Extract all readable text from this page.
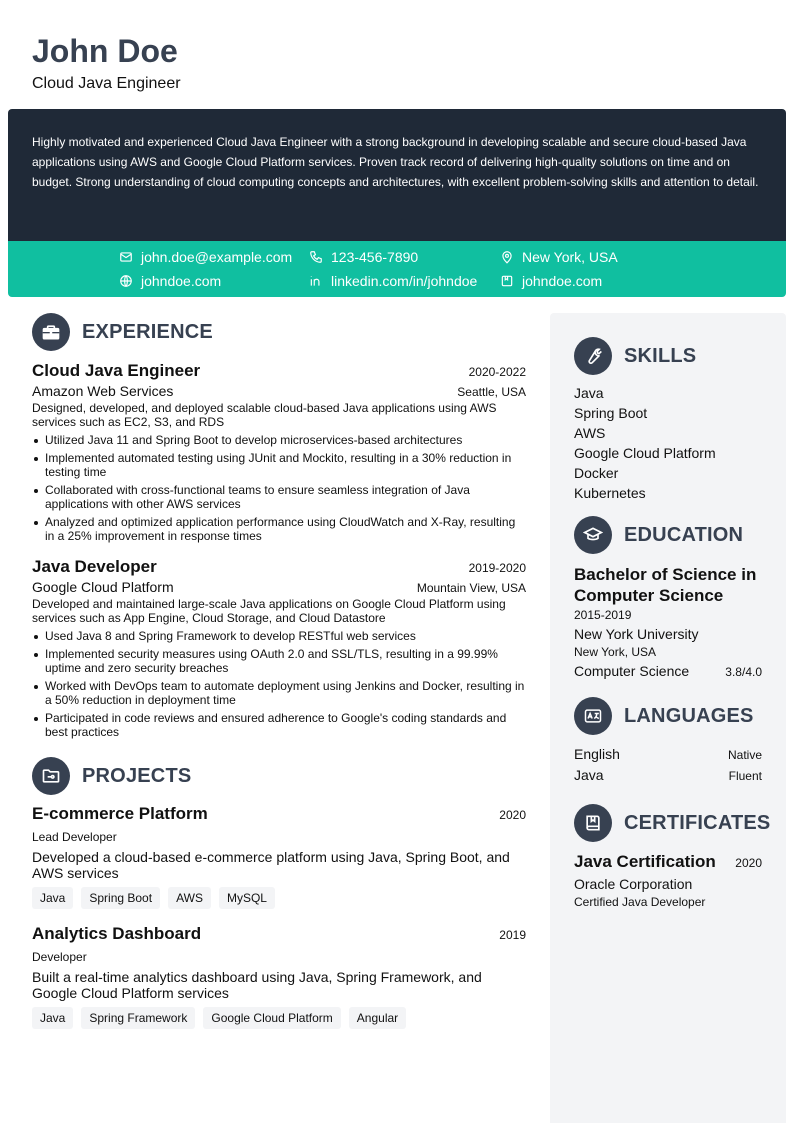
John Doe
Cloud Java Engineer

Highly motivated and experienced Cloud Java Engineer with a strong background in developing scalable and secure cloud-based Java applications using AWS and Google Cloud Platform services. Proven track record of delivering high-quality solutions on time and on budget. Strong understanding of cloud computing concepts and architectures, with excellent problem-solving skills and attention to detail.

john.doe@example.com	123-456-7890	New York, USA
johndoe.com	linkedin.com/in/johndoe	johndoe.com
EXPERIENCE
Cloud Java Engineer	2020-2022
Amazon Web Services	Seattle, USA
Designed, developed, and deployed scalable cloud-based Java applications using AWS services such as EC2, S3, and RDS
Utilized Java 11 and Spring Boot to develop microservices-based architectures
Implemented automated testing using JUnit and Mockito, resulting in a 30% reduction in testing time
Collaborated with cross-functional teams to ensure seamless integration of Java applications with other AWS services
Analyzed and optimized application performance using CloudWatch and X-Ray, resulting in a 25% improvement in response times
Java Developer	2019-2020
Google Cloud Platform	Mountain View, USA
Developed and maintained large-scale Java applications on Google Cloud Platform using services such as App Engine, Cloud Storage, and Cloud Datastore
Used Java 8 and Spring Framework to develop RESTful web services
Implemented security measures using OAuth 2.0 and SSL/TLS, resulting in a 99.99% uptime and zero security breaches
Worked with DevOps team to automate deployment using Jenkins and Docker, resulting in a 50% reduction in deployment time
Participated in code reviews and ensured adherence to Google's coding standards and best practices
PROJECTS
E-commerce Platform	2020
Lead Developer
Developed a cloud-based e-commerce platform using Java, Spring Boot, and AWS services
Java	Spring Boot	AWS	MySQL
Analytics Dashboard	2019
Developer
Built a real-time analytics dashboard using Java, Spring Framework, and Google Cloud Platform services
Java	Spring Framework	Google Cloud Platform	Angular
SKILLS
Java
Spring Boot
AWS
Google Cloud Platform
Docker
Kubernetes
EDUCATION
Bachelor of Science in Computer Science
2015-2019
New York University
New York, USA
Computer Science	3.8/4.0
LANGUAGES
English	Native
Java	Fluent
CERTIFICATES
Java Certification 2020
Oracle Corporation
Certified Java Developer
